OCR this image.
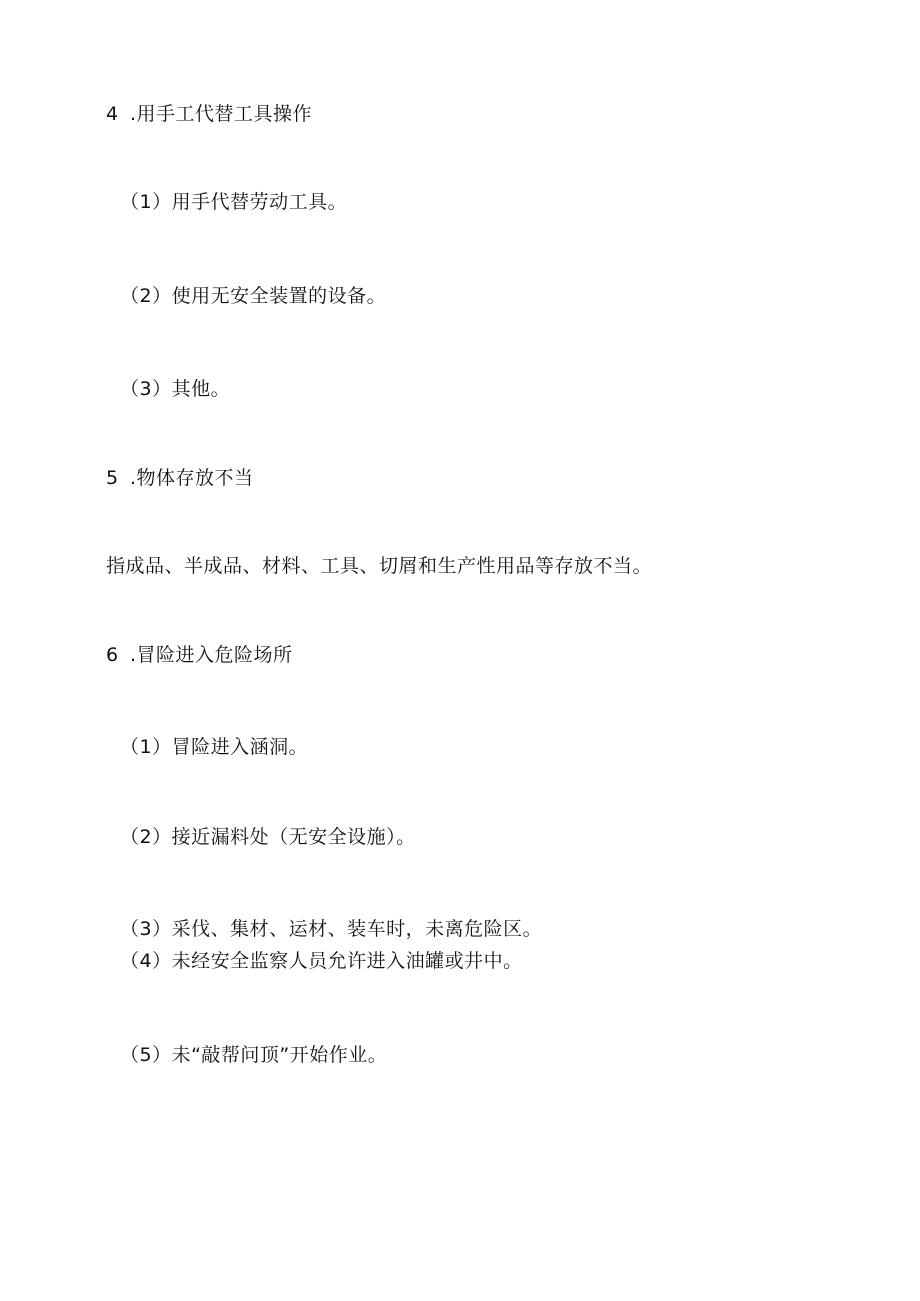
4 .用手工代替工具操作
（1）用手代替劳动工具。
（2）使用无安全装置的设备。
（3）其他。
5 .物体存放不当
指成品、半成品、材料、工具、切屑和生产性用品等存放不当。
6 .冒险进入危险场所
（1）冒险进入涵洞。
（2）接近漏料处（无安全设施）。
（3）采伐、集材、运材、装车时，未离危险区。
（4）未经安全监察人员允许进入油罐或井中。
（5）未“敲帮问顶”开始作业。
